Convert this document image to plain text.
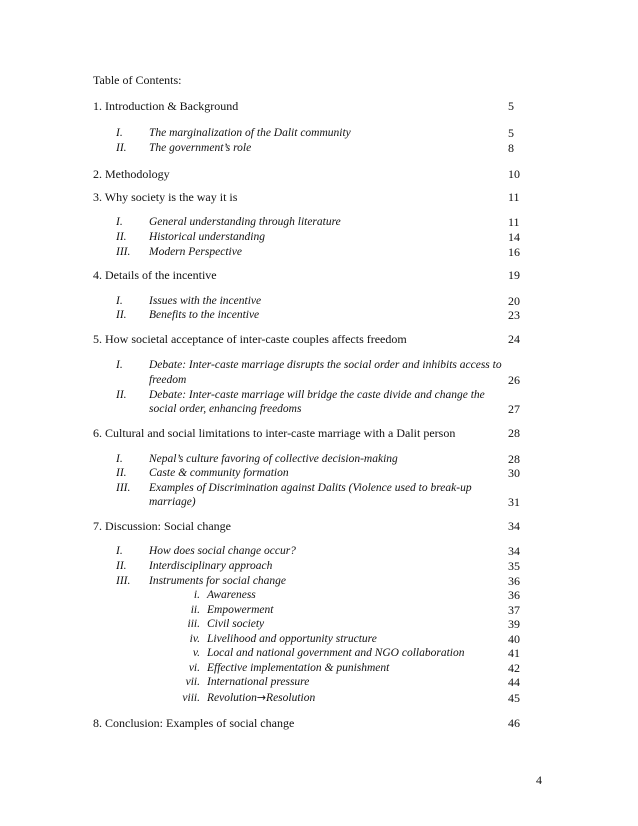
Table of Contents:
1. Introduction & Background	5
I. The marginalization of the Dalit community	5
II. The government’s role	8
2. Methodology	10
3. Why society is the way it is	11
I. General understanding through literature	11
II. Historical understanding	14
III. Modern Perspective	16
4. Details of the incentive	19
I. Issues with the incentive	20
II. Benefits to the incentive	23
5. How societal acceptance of inter-caste couples affects freedom	24
I. Debate: Inter-caste marriage disrupts the social order and inhibits access to
freedom	26
II. Debate: Inter-caste marriage will bridge the caste divide and change the
social order, enhancing freedoms	27
6. Cultural and social limitations to inter-caste marriage with a Dalit person	28
I. Nepal’s culture favoring of collective decision-making	28
II. Caste & community formation	30
III. Examples of Discrimination against Dalits (Violence used to break-up
marriage)	31
7. Discussion: Social change	34
I. How does social change occur?	34
II. Interdisciplinary approach	35
III. Instruments for social change	36
i. Awareness	36
ii. Empowerment	37
iii. Civil society	39
iv. Livelihood and opportunity structure	40
v. Local and national government and NGO collaboration	41
vi. Effective implementation & punishment	42
vii. International pressure	44
viii. Revolution→Resolution	45
8. Conclusion: Examples of social change	46
4
